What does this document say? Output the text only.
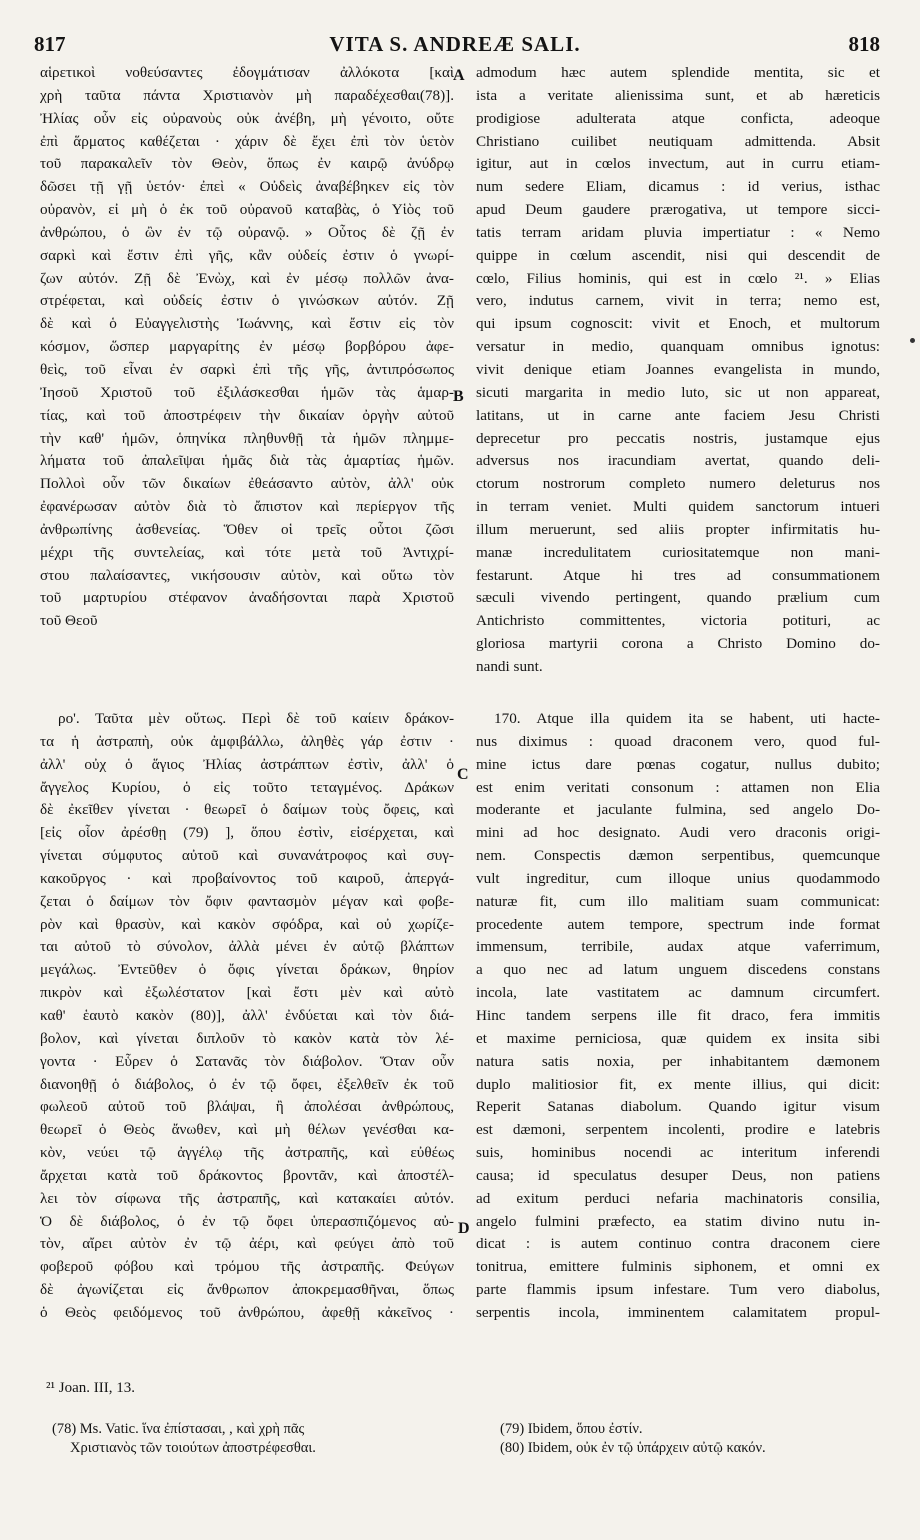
817	VITA S. ANDREÆ SALI.	818
αἱρετικοὶ νοθεύσαντες ἐδογμάτισαν ἀλλόκοτα [καὶ
χρὴ ταῦτα πάντα Χριστιανὸν μὴ παραδέχεσθαι(78)].
Ἠλίας οὖν εἰς οὐρανοὺς οὐκ ἀνέβη, μὴ γένοιτο, οὔτε
ἐπὶ ἅρματος καθέζεται · χάριν δὲ ἔχει ἐπὶ τὸν ὑετὸν
τοῦ παρακαλεῖν τὸν Θεὸν, ὅπως ἐν καιρῷ ἀνύδρῳ
δῶσει τῇ γῇ ὑετόν· ἐπεὶ « Οὐδεὶς ἀναβέβηκεν εἰς τὸν
οὐρανὸν, εἰ μὴ ὁ ἐκ τοῦ οὐρανοῦ καταβὰς, ὁ Υἱὸς τοῦ
ἀνθρώπου, ὁ ὢν ἐν τῷ οὐρανῷ. » Οὗτος δὲ ζῇ ἐν
σαρκὶ καὶ ἔστιν ἐπὶ γῆς, κἂν οὐδείς ἐστιν ὁ γνωρί-
ζων αὐτόν. Ζῇ δὲ Ἐνὼχ, καὶ ἐν μέσῳ πολλῶν ἀνα-
στρέφεται, καὶ οὐδείς ἐστιν ὁ γινώσκων αὐτόν. Ζῇ
δὲ καὶ ὁ Εὐαγγελιστὴς Ἰωάννης, καὶ ἔστιν εἰς τὸν
κόσμον, ὥσπερ μαργαρίτης ἐν μέσῳ βορβόρου ἀφε-
θεὶς, τοῦ εἶναι ἐν σαρκὶ ἐπὶ τῆς γῆς, ἀντιπρόσωπος
Ἰησοῦ Χριστοῦ τοῦ ἐξιλάσκεσθαι ἡμῶν τὰς ἁμαρ-
τίας, καὶ τοῦ ἀποστρέφειν τὴν δικαίαν ὀργὴν αὐτοῦ
τὴν καθ' ἡμῶν, ὁπηνίκα πληθυνθῇ τὰ ἡμῶν πλημμε-
λήματα τοῦ ἀπαλεῖψαι ἡμᾶς διὰ τὰς ἁμαρτίας ἡμῶν.
Πολλοὶ οὖν τῶν δικαίων ἐθεάσαντο αὐτὸν, ἀλλ' οὐκ
ἐφανέρωσαν αὐτὸν διὰ τὸ ἄπιστον καὶ περίεργον τῆς
ἀνθρωπίνης ἀσθενείας. Ὅθεν οἱ τρεῖς οὗτοι ζῶσι
μέχρι τῆς συντελείας, καὶ τότε μετὰ τοῦ Ἀντιχρί-
στου παλαίσαντες, νικήσουσιν αὐτὸν, καὶ οὕτω τὸν
τοῦ μαρτυρίου στέφανον ἀναδήσονται παρὰ Χριστοῦ
τοῦ Θεοῦ
admodum hæc autem splendide mentita, sic et
ista a veritate alienissima sunt, et ab hæreticis
prodigiose adulterata atque conficta, adeoque
Christiano cuilibet neutiquam admittenda. Absit
igitur, aut in cœlos invectum, aut in curru etiam-
num sedere Eliam, dicamus : id verius, isthac
apud Deum gaudere prærogativa, ut tempore sicci-
tatis terram aridam pluvia impertiatur : « Nemo
quippe in cœlum ascendit, nisi qui descendit de
cœlo, Filius hominis, qui est in cœlo ²¹. » Elias
vero, indutus carnem, vivit in terra; nemo est,
qui ipsum cognoscit: vivit et Enoch, et multorum
versatur in medio, quanquam omnibus ignotus:
vivit denique etiam Joannes evangelista in mundo,
sicuti margarita in medio luto, sic ut non appareat,
latitans, ut in carne ante faciem Jesu Christi
deprecetur pro peccatis nostris, justamque ejus
adversus nos iracundiam avertat, quando deli-
ctorum nostrorum completo numero deleturus nos
in terram veniet. Multi quidem sanctorum intueri
illum meruerunt, sed aliis propter infirmitatis hu-
manæ incredulitatem curiositatemque non mani-
festarunt. Atque hi tres ad consummationem
sæculi vivendo pertingent, quando prælium cum
Antichristo committentes, victoria potituri, ac
gloriosa martyrii corona a Christo Domino do-
nandi sunt.
ρο'. Ταῦτα μὲν οὕτως. Περὶ δὲ τοῦ καίειν δράκον-
τα ἡ ἀστραπὴ, οὐκ ἀμφιβάλλω, ἀληθὲς γάρ ἐστιν ·
ἀλλ' οὐχ ὁ ἅγιος Ἠλίας ἀστράπτων ἐστὶν, ἀλλ' ὁ
ἄγγελος Κυρίου, ὁ εἰς τοῦτο τεταγμένος. Δράκων
δὲ ἐκεῖθεν γίνεται · θεωρεῖ ὁ δαίμων τοὺς ὄφεις, καὶ
[εἰς οἷον ἀρέσθῃ (79) ], ὅπου ἐστὶν, εἰσέρχεται, καὶ
γίνεται σύμφυτος αὐτοῦ καὶ συνανάτροφος καὶ συγ-
κακοῦργος · καὶ προβαίνοντος τοῦ καιροῦ, ἀπεργά-
ζεται ὁ δαίμων τὸν ὄφιν φαντασμὸν μέγαν καὶ φοβε-
ρὸν καὶ θρασὺν, καὶ κακὸν σφόδρα, καὶ οὐ χωρίζε-
ται αὐτοῦ τὸ σύνολον, ἀλλὰ μένει ἐν αὐτῷ βλάπτων
μεγάλως. Ἐντεῦθεν ὁ ὄφις γίνεται δράκων, θηρίον
πικρὸν καὶ ἐξωλέστατον [καὶ ἔστι μὲν καὶ αὐτὸ
καθ' ἑαυτὸ κακὸν (80)], ἀλλ' ἐνδύεται καὶ τὸν διά-
βολον, καὶ γίνεται διπλοῦν τὸ κακὸν κατὰ τὸν λέ-
γοντα · Εὗρεν ὁ Σατανᾶς τὸν διάβολον. Ὅταν οὖν
διανοηθῇ ὁ διάβολος, ὁ ἐν τῷ ὄφει, ἐξελθεῖν ἐκ τοῦ
φωλεοῦ αὐτοῦ τοῦ βλάψαι, ἢ ἀπολέσαι ἀνθρώπους,
θεωρεῖ ὁ Θεὸς ἄνωθεν, καὶ μὴ θέλων γενέσθαι κα-
κὸν, νεύει τῷ ἀγγέλῳ τῆς ἀστραπῆς, καὶ εὐθέως
ἄρχεται κατὰ τοῦ δράκοντος βροντᾶν, καὶ ἀποστέλ-
λει τὸν σίφωνα τῆς ἀστραπῆς, καὶ κατακαίει αὐτόν.
Ὁ δὲ διάβολος, ὁ ἐν τῷ ὄφει ὑπερασπιζόμενος αὐ-
τὸν, αἴρει αὐτὸν ἐν τῷ ἀέρι, καὶ φεύγει ἀπὸ τοῦ
φοβεροῦ φόβου καὶ τρόμου τῆς ἀστραπῆς. Φεύγων
δὲ ἀγωνίζεται εἰς ἄνθρωπον ἀποκρεμασθῆναι, ὅπως
ὁ Θεὸς φειδόμενος τοῦ ἀνθρώπου, ἀφεθῇ κἀκεῖνος ·
170. Atque illa quidem ita se habent, uti hacte-
nus diximus : quoad draconem vero, quod ful-
mine ictus dare pœnas cogatur, nullus dubito;
est enim veritati consonum : attamen non Elia
moderante et jaculante fulmina, sed angelo Do-
mini ad hoc designato. Audi vero draconis origi-
nem. Conspectis dæmon serpentibus, quemcunque
vult ingreditur, cum illoque unius quodammodo
naturæ fit, cum illo malitiam suam communicat:
procedente autem tempore, spectrum inde format
immensum, terribile, audax atque vaferrimum,
a quo nec ad latum unguem discedens constans
incola, late vastitatem ac damnum circumfert.
Hinc tandem serpens ille fit draco, fera immitis
et maxime perniciosa, quæ quidem ex insita sibi
natura satis noxia, per inhabitantem dæmonem
duplo malitiosior fit, ex mente illius, qui dicit:
Reperit Satanas diabolum. Quando igitur visum
est dæmoni, serpentem incolenti, prodire e latebris
suis, hominibus nocendi ac interitum inferendi
causa; id speculatus desuper Deus, non patiens
ad exitum perduci nefaria machinatoris consilia,
angelo fulmini præfecto, ea statim divino nutu in-
dicat : is autem continuo contra draconem ciere
tonitrua, emittere fulminis siphonem, et omni ex
parte flammis ipsum infestare. Tum vero diabolus,
serpentis incola, imminentem calamitatem propul-
A
B
C
D
²¹ Joan. III, 13.
(78) Ms. Vatic. ἵνα ἐπίστασαι, , καὶ χρὴ πᾶς
Χριστιανὸς τῶν τοιούτων ἀποστρέφεσθαι.
(79) Ibidem, ὅπου ἐστίν.
(80) Ibidem, οὐκ ἐν τῷ ὑπάρχειν αὐτῷ κακόν.
